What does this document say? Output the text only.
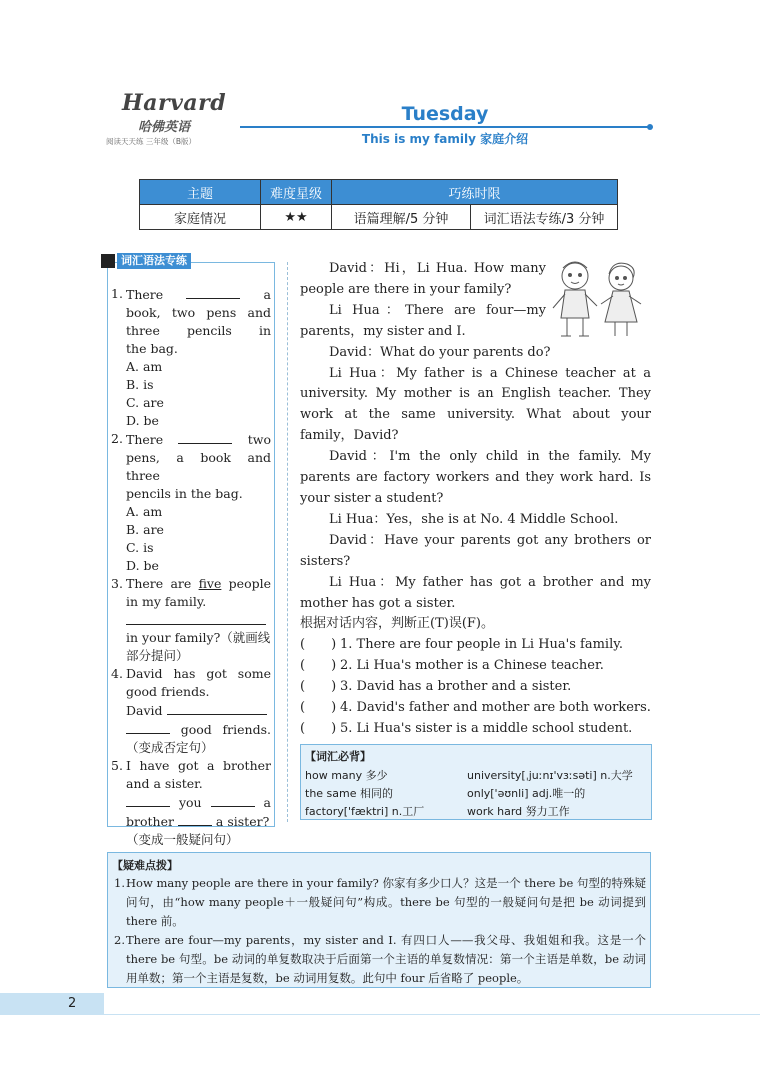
Harvard
哈佛英语
阅读天天练 三年级（B版）
Tuesday
This is my family 家庭介绍
主题	难度星级	巧练时限	
家庭情况	★★	语篇理解/5 分钟	词汇语法专练/3 分钟
词汇语法专练
1. There	a
book, two pens and
three pencils in
the bag.
A. am
B. is
C. are
D. be
2. There	two
pens, a book and three
pencils in the bag.
A. am
B. are
C. is
D. be
3. There are five people
in my family.
in your family?（就画线部分提问）
4. David has got some good friends.
David
good friends.
（变成否定句）
5. I have got a brother and a sister.
you	a
brother	a sister?
（变成一般疑问句）

David：Hi，Li Hua. How many people are there in your family?

Li Hua：There are four—my parents，my sister and I.

David：What do your parents do?

Li Hua：My father is a Chinese teacher at a university. My mother is an English teacher. They work at the same university. What about your family，David?

David：I'm the only child in the family. My parents are factory workers and they work hard. Is your sister a student?

Li Hua：Yes，she is at No. 4 Middle School.

David：Have your parents got any brothers or sisters?

Li Hua：My father has got a brother and my mother has got a sister.

根据对话内容，判断正(T)误(F)。

(   ) 1. There are four people in Li Hua's family.

(   ) 2. Li Hua's mother is a Chinese teacher.

(   ) 3. David has a brother and a sister.

(   ) 4. David's father and mother are both workers.

(   ) 5. Li Hua's sister is a middle school student.

【词汇必背】
how many 多少	university[ˌjuːnɪ'vɜːsəti] n.大学
the same 相同的	only['əʊnli] adj.唯一的
factory['fæktri] n.工厂	work hard 努力工作
【疑难点拨】
1. How many people are there in your family? 你家有多少口人？这是一个 there be 句型的特殊疑问句，由“how many people＋一般疑问句”构成。there be 句型的一般疑问句是把 be 动词提到 there 前。
2. There are four—my parents，my sister and I. 有四口人——我父母、我姐姐和我。这是一个 there be 句型。be 动词的单复数取决于后面第一个主语的单复数情况：第一个主语是单数，be 动词用单数；第一个主语是复数，be 动词用复数。此句中 four 后省略了 people。
2
